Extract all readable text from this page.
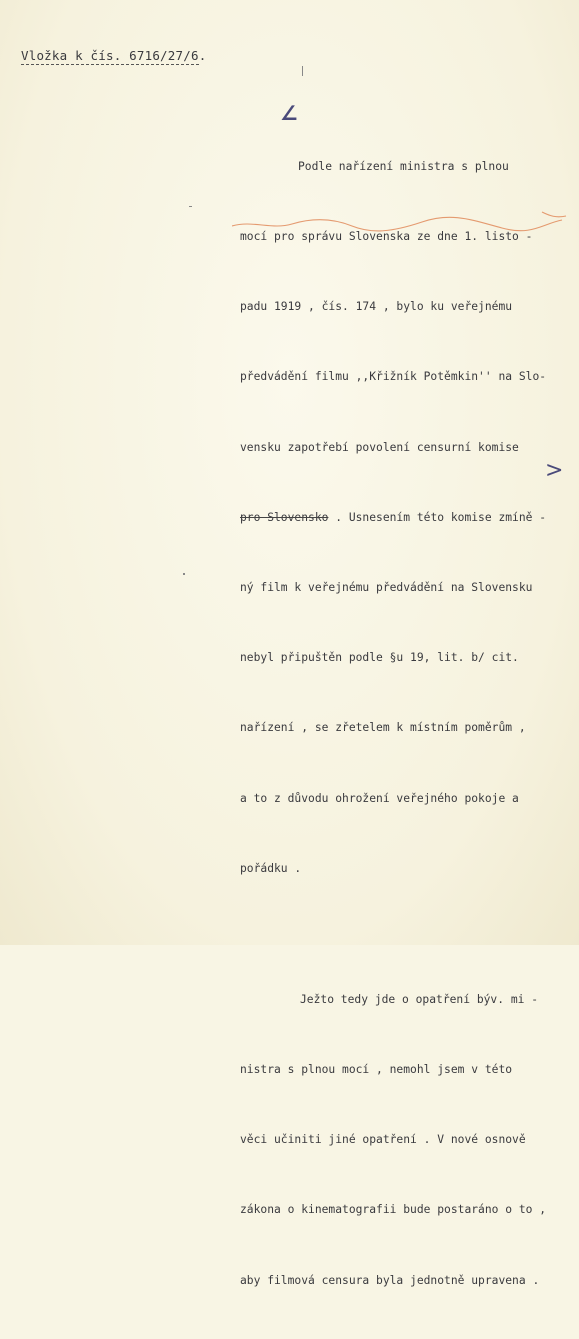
Vložka k čís. 6716/27/6.
∠

Podle nařízení ministra s plnou

mocí pro správu Slovenska ze dne 1. listo -

padu 1919 , čís. 174 , bylo ku veřejnému

předvádění filmu ,,Křižník Potěmkin'' na Slo-

vensku zapotřebí povolení censurní komise

pro Slovensko . Usnesením této komise zmíně -

ný film k veřejnému předvádění na Slovensku

nebyl připuštěn podle §u 19, lit. b/ cit.

nařízení , se zřetelem k místním poměrům ,

a to z důvodu ohrožení veřejného pokoje a

pořádku .

Ježto tedy jde o opatření býv. mi -

nistra s plnou mocí , nemohl jsem v této

věci učiniti jiné opatření . V nové osnově

zákona o kinematografii bude postaráno o to ,

aby filmová censura byla jednotně upravena .

>
